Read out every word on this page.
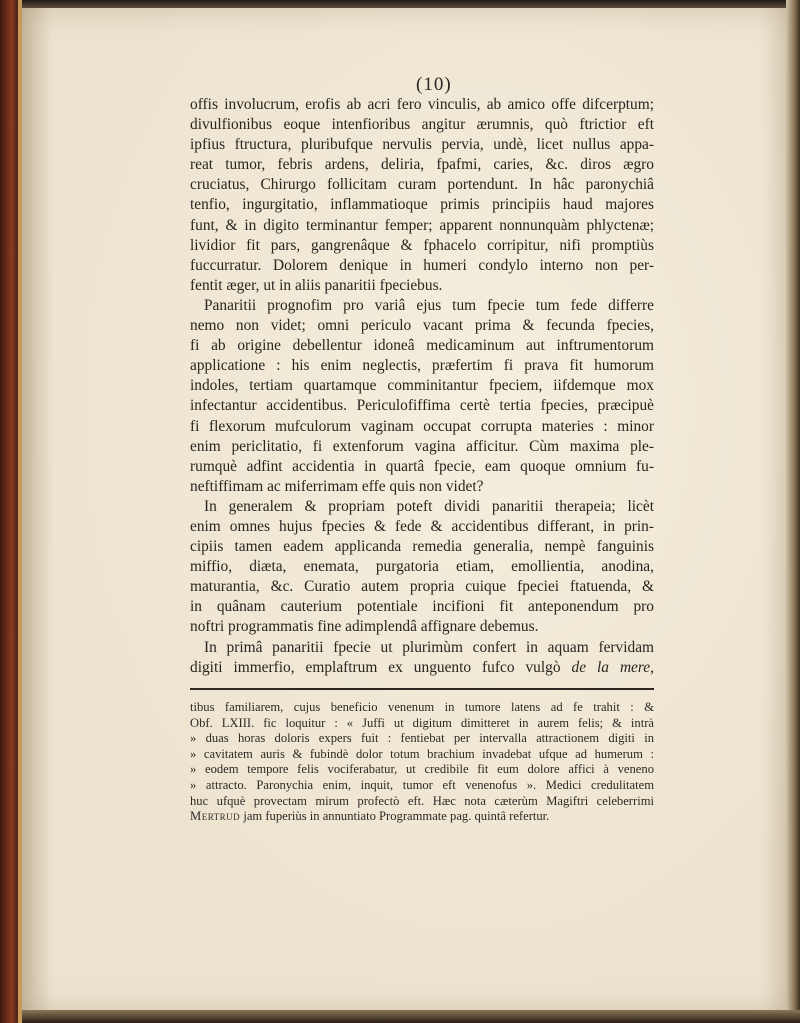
(10)
offis involucrum, erofis ab acri fero vinculis, ab amico offe difcerptum;
divulfionibus eoque intenfioribus angitur ærumnis, quò ftrictior eft
ipfius ftructura, pluribufque nervulis pervia, undè, licet nullus appa-
reat tumor, febris ardens, deliria, fpafmi, caries, &c. diros ægro
cruciatus, Chirurgo follicitam curam portendunt. In hâc paronychiâ
tenfio, ingurgitatio, inflammatioque primis principiis haud majores
funt, & in digito terminantur femper; apparent nonnunquàm phlyctenæ;
lividior fit pars, gangrenâque & fphacelo corripitur, nifi promptiùs
fuccurratur. Dolorem denique in humeri condylo interno non per-
fentit æger, ut in aliis panaritii fpeciebus.
Panaritii prognofim pro variâ ejus tum fpecie tum fede differre
nemo non videt; omni periculo vacant prima & fecunda fpecies,
fi ab origine debellentur idoneâ medicaminum aut inftrumentorum
applicatione : his enim neglectis, præfertim fi prava fit humorum
indoles, tertiam quartamque comminitantur fpeciem, iifdemque mox
infectantur accidentibus. Periculofiffima certè tertia fpecies, præcipuè
fi flexorum mufculorum vaginam occupat corrupta materies : minor
enim periclitatio, fi extenforum vagina afficitur. Cùm maxima ple-
rumquè adfint accidentia in quartâ fpecie, eam quoque omnium fu-
neftiffimam ac miferrimam effe quis non videt?
In generalem & propriam poteft dividi panaritii therapeia; licèt
enim omnes hujus fpecies & fede & accidentibus differant, in prin-
cipiis tamen eadem applicanda remedia generalia, nempè fanguinis
miffio, diæta, enemata, purgatoria etiam, emollientia, anodina,
maturantia, &c. Curatio autem propria cuique fpeciei ftatuenda, &
in quânam cauterium potentiale incifioni fit anteponendum pro
noftri programmatis fine adimplendâ affignare debemus.
In primâ panaritii fpecie ut plurimùm confert in aquam fervidam
digiti immerfio, emplaftrum ex unguento fufco vulgò de la mere,
tibus familiarem, cujus beneficio venenum in tumore latens ad fe trahit : &
Obf. LXIII. fic loquitur : « Juffi ut digitum dimitteret in aurem felis; & intrà
» duas horas doloris expers fuit : fentiebat per intervalla attractionem digiti in
» cavitatem auris & fubindè dolor totum brachium invadebat ufque ad humerum :
» eodem tempore felis vociferabatur, ut credibile fit eum dolore affici à veneno
» attracto. Paronychia enim, inquit, tumor eft venenofus ». Medici credulitatem
huc ufquè provectam mirum profectò eft. Hæc nota cæterùm Magiftri celeberrimi
Mertrud jam fuperiùs in annuntiato Programmate pag. quintâ refertur.
